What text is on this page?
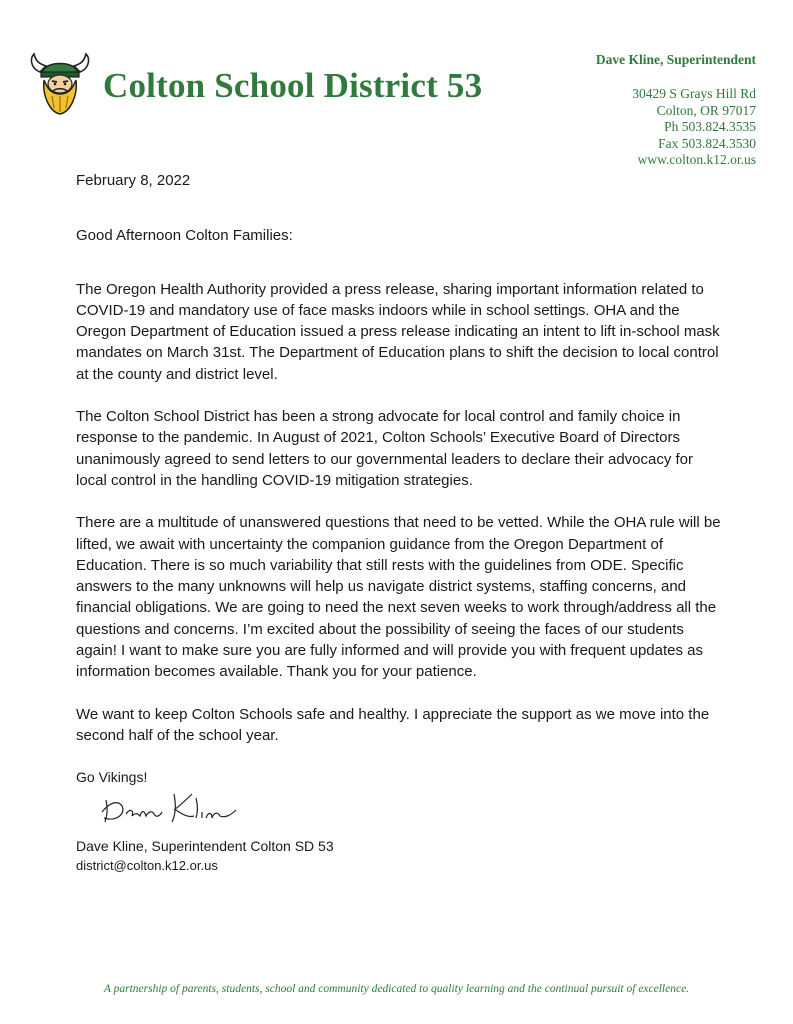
Colton School District 53
Dave Kline, Superintendent
30429 S Grays Hill Rd
Colton, OR 97017
Ph 503.824.3535
Fax 503.824.3530
www.colton.k12.or.us

February 8, 2022

Good Afternoon Colton Families:

The Oregon Health Authority provided a press release, sharing important information related to COVID-19 and mandatory use of face masks indoors while in school settings. OHA and the Oregon Department of Education issued a press release indicating an intent to lift in-school mask mandates on March 31st. The Department of Education plans to shift the decision to local control at the county and district level.

The Colton School District has been a strong advocate for local control and family choice in response to the pandemic. In August of 2021, Colton Schools’ Executive Board of Directors unanimously agreed to send letters to our governmental leaders to declare their advocacy for local control in the handling COVID-19 mitigation strategies.

There are a multitude of unanswered questions that need to be vetted. While the OHA rule will be lifted, we await with uncertainty the companion guidance from the Oregon Department of Education. There is so much variability that still rests with the guidelines from ODE. Specific answers to the many unknowns will help us navigate district systems, staffing concerns, and financial obligations. We are going to need the next seven weeks to work through/address all the questions and concerns. I’m excited about the possibility of seeing the faces of our students again! I want to make sure you are fully informed and will provide you with frequent updates as information becomes available. Thank you for your patience.

We want to keep Colton Schools safe and healthy. I appreciate the support as we move into the second half of the school year.

Go Vikings!

Dave Kline, Superintendent Colton SD 53

district@colton.k12.or.us

A partnership of parents, students, school and community dedicated to quality learning and the continual pursuit of excellence.
